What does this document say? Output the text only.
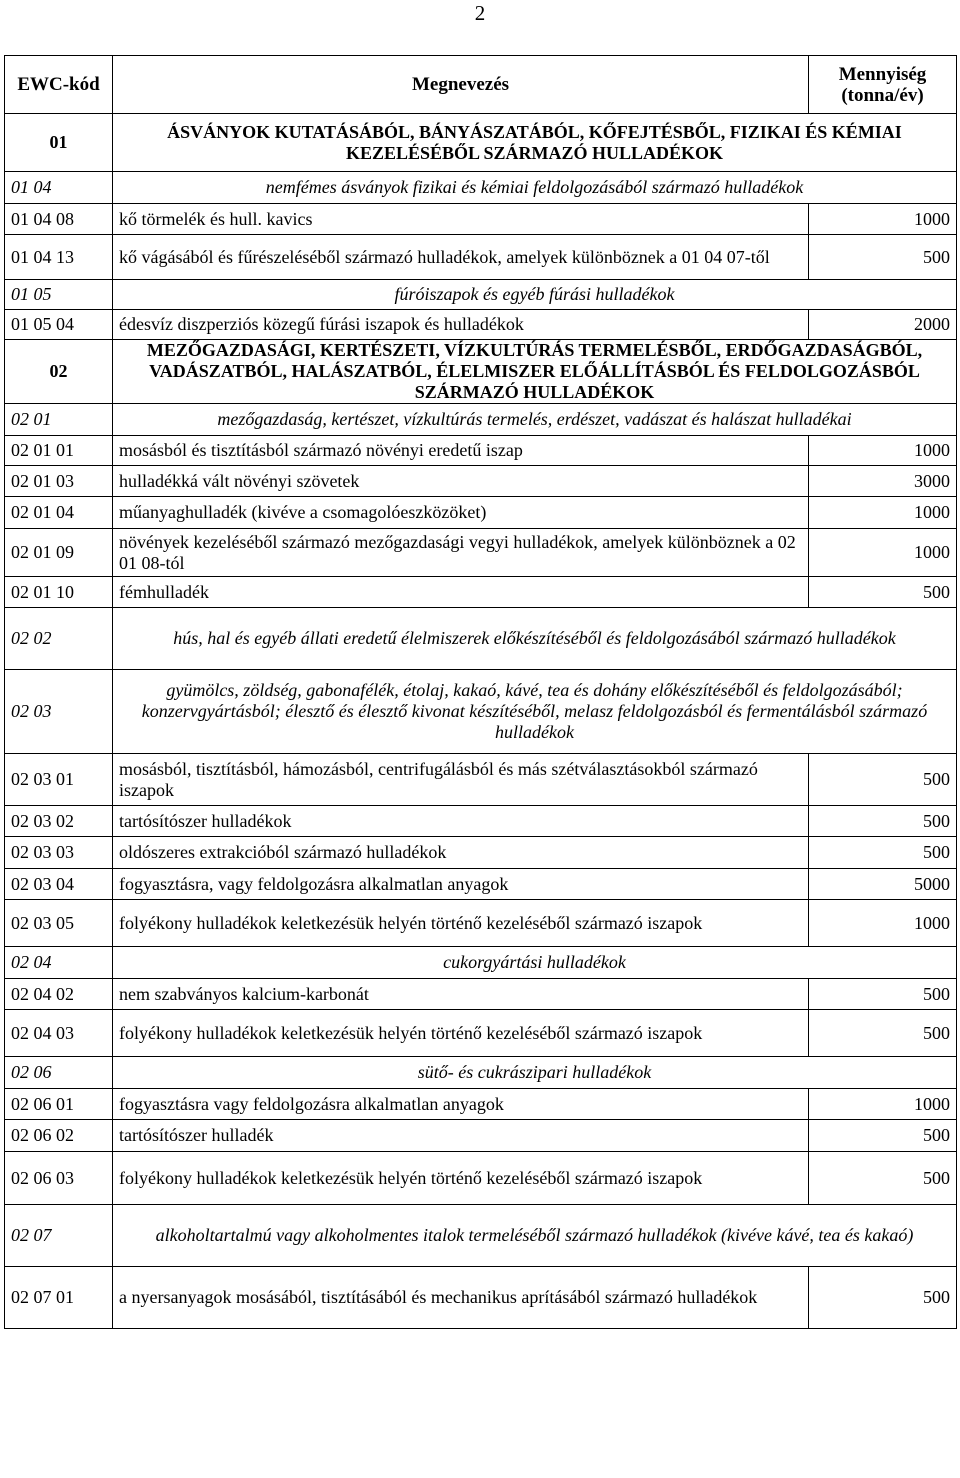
2
EWC-kód	Megnevezés	Mennyiség
(tonna/év)
01	ÁSVÁNYOK KUTATÁSÁBÓL, BÁNYÁSZATÁBÓL, KŐFEJTÉSBŐL, FIZIKAI ÉS KÉMIAI KEZELÉSÉBŐL SZÁRMAZÓ HULLADÉKOK	
01 04	nemfémes ásványok fizikai és kémiai feldolgozásából származó hulladékok	
01 04 08	kő törmelék és hull. kavics	1000
01 04 13	kő vágásából és fűrészeléséből származó hulladékok, amelyek különböznek a 01 04 07-től	500
01 05	fúróiszapok és egyéb fúrási hulladékok	
01 05 04	édesvíz diszperziós közegű fúrási iszapok és hulladékok	2000
02	MEZŐGAZDASÁGI, KERTÉSZETI, VÍZKULTÚRÁS TERMELÉSBŐL, ERDŐGAZDASÁGBÓL, VADÁSZATBÓL, HALÁSZATBÓL, ÉLELMISZER ELŐÁLLÍTÁSBÓL ÉS FELDOLGOZÁSBÓL SZÁRMAZÓ HULLADÉKOK	
02 01	mezőgazdaság, kertészet, vízkultúrás termelés, erdészet, vadászat és halászat hulladékai	
02 01 01	mosásból és tisztításból származó növényi eredetű iszap	1000
02 01 03	hulladékká vált növényi szövetek	3000
02 01 04	műanyaghulladék (kivéve a csomagolóeszközöket)	1000
02 01 09	növények kezeléséből származó mezőgazdasági vegyi hulladékok, amelyek különböznek a 02 01 08-tól	1000
02 01 10	fémhulladék	500
02 02	hús, hal és egyéb állati eredetű élelmiszerek előkészítéséből és feldolgozásából származó hulladékok	
02 03	gyümölcs, zöldség, gabonafélék, étolaj, kakaó, kávé, tea és dohány előkészítéséből és feldolgozásából; konzervgyártásból; élesztő és élesztő kivonat készítéséből, melasz feldolgozásból és fermentálásból származó hulladékok	
02 03 01	mosásból, tisztításból, hámozásból, centrifugálásból és más szétválasztásokból származó iszapok	500
02 03 02	tartósítószer hulladékok	500
02 03 03	oldószeres extrakcióból származó hulladékok	500
02 03 04	fogyasztásra, vagy feldolgozásra alkalmatlan anyagok	5000
02 03 05	folyékony hulladékok keletkezésük helyén történő kezeléséből származó iszapok	1000
02 04	cukorgyártási hulladékok	
02 04 02	nem szabványos kalcium-karbonát	500
02 04 03	folyékony hulladékok keletkezésük helyén történő kezeléséből származó iszapok	500
02 06	sütő- és cukrászipari hulladékok	
02 06 01	fogyasztásra vagy feldolgozásra alkalmatlan anyagok	1000
02 06 02	tartósítószer hulladék	500
02 06 03	folyékony hulladékok keletkezésük helyén történő kezeléséből származó iszapok	500
02 07	alkoholtartalmú vagy alkoholmentes italok termeléséből származó hulladékok (kivéve kávé, tea és kakaó)	
02 07 01	a nyersanyagok mosásából, tisztításából és mechanikus aprításából származó hulladékok	500
